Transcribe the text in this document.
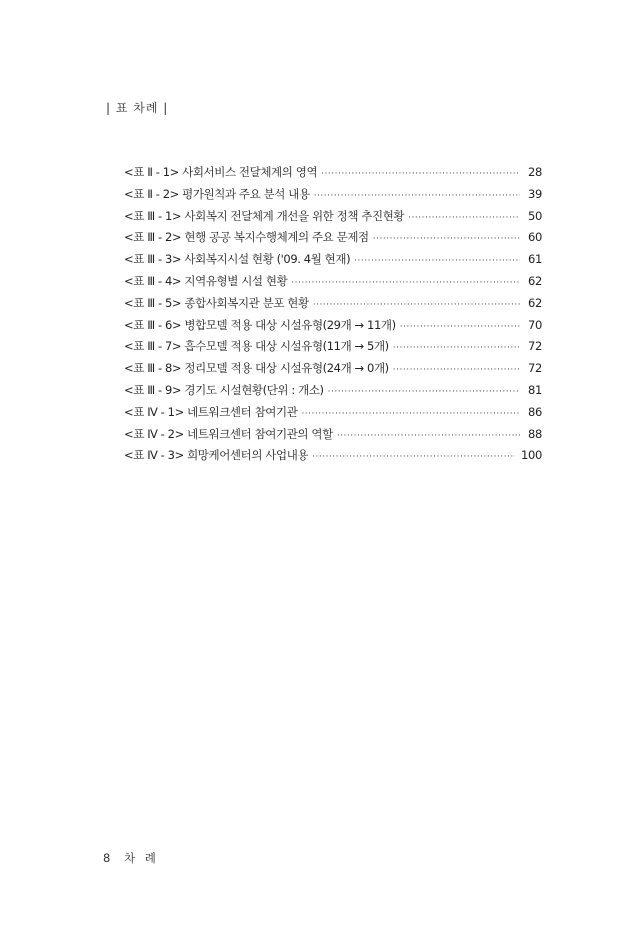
| 표 차례 |
<표 Ⅱ - 1> 사회서비스 전달체계의 영역 ·····	28
<표 Ⅱ - 2> 평가원칙과 주요 분석 내용 ·····	39
<표 Ⅲ - 1> 사회복지 전달체계 개선을 위한 정책 추진현황 ·····	50
<표 Ⅲ - 2> 현행 공공 복지수행체계의 주요 문제점 ·····	60
<표 Ⅲ - 3> 사회복지시설 현황 ('09. 4월 현재) ·····	61
<표 Ⅲ - 4> 지역유형별 시설 현황 ·····	62
<표 Ⅲ - 5> 종합사회복지관 분포 현황 ·····	62
<표 Ⅲ - 6> 병합모델 적용 대상 시설유형(29개 → 11개) ·····	70
<표 Ⅲ - 7> 흡수모델 적용 대상 시설유형(11개 → 5개) ·····	72
<표 Ⅲ - 8> 정리모델 적용 대상 시설유형(24개 → 0개) ·····	72
<표 Ⅲ - 9> 경기도 시설현황(단위 : 개소) ·····	81
<표 Ⅳ - 1> 네트워크센터 참여기관 ·····	86
<표 Ⅳ - 2> 네트워크센터 참여기관의 역할 ·····	88
<표 Ⅳ - 3> 희망케어센터의 사업내용 ·····	100
8 차 례
